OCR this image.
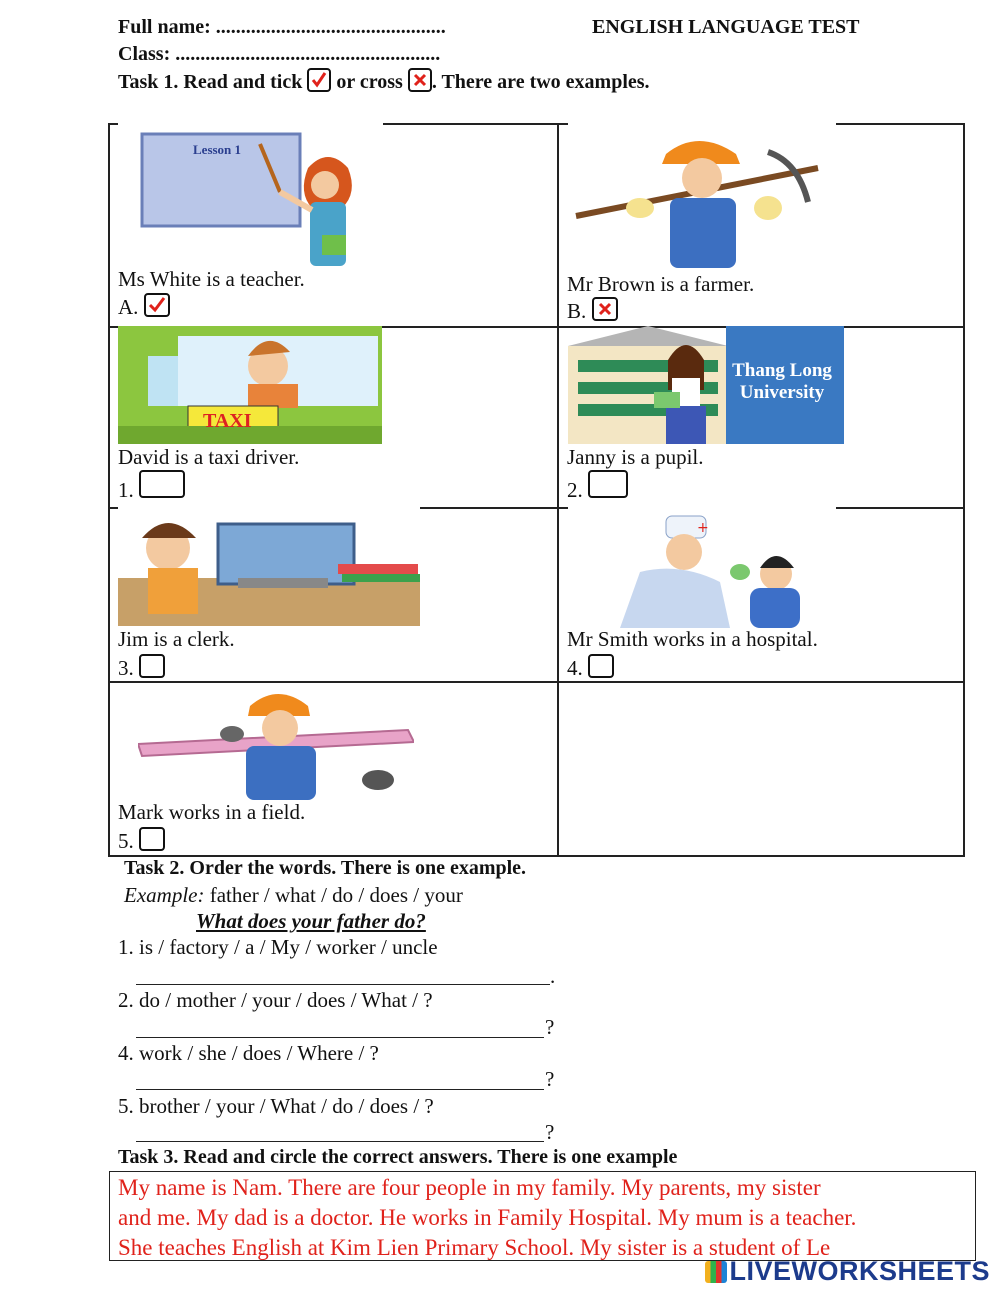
Full name: ..............................................	ENGLISH LANGUAGE TEST
Class: .....................................................
Task 1. Read and tick or cross . There are two examples.
Lesson 1
Ms White is a teacher.
A.
Mr Brown is a farmer.
B.
TAXI
Thang Long
University
David is a taxi driver.
1.
Janny is a pupil.
2.
+
Jim is a clerk.
3.
Mr Smith works in a hospital.
4.
Mark works in a field.
5.
Task 2. Order the words. There is one example.
Example: father / what / do / does / your
What does your father do?
1. is / factory / a / My / worker / uncle
.
2. do / mother / your / does / What / ?
?
4. work / she / does / Where / ?
?
5. brother / your / What / do / does / ?
?
Task 3. Read and circle the correct answers. There is one example
My name is Nam. There are four people in my family. My parents, my sister
and me. My dad is a doctor. He works in Family Hospital. My mum is a teacher.
She teaches English at Kim Lien Primary School. My sister is a student of Le
LIVEWORKSHEETS
